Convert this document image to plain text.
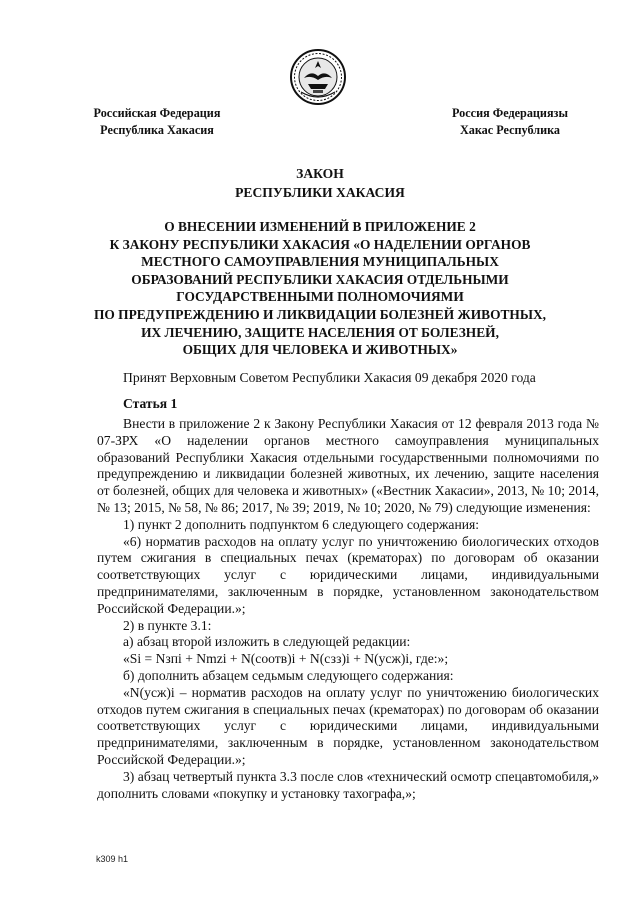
Российская Федерация
Республика Хакасия
Россия Федерациязы
Хакас Республика
ЗАКОН
РЕСПУБЛИКИ ХАКАСИЯ
О ВНЕСЕНИИ ИЗМЕНЕНИЙ В ПРИЛОЖЕНИЕ 2
К ЗАКОНУ РЕСПУБЛИКИ ХАКАСИЯ «О НАДЕЛЕНИИ ОРГАНОВ
МЕСТНОГО САМОУПРАВЛЕНИЯ МУНИЦИПАЛЬНЫХ
ОБРАЗОВАНИЙ РЕСПУБЛИКИ ХАКАСИЯ ОТДЕЛЬНЫМИ
ГОСУДАРСТВЕННЫМИ ПОЛНОМОЧИЯМИ
ПО ПРЕДУПРЕЖДЕНИЮ И ЛИКВИДАЦИИ БОЛЕЗНЕЙ ЖИВОТНЫХ,
ИХ ЛЕЧЕНИЮ, ЗАЩИТЕ НАСЕЛЕНИЯ ОТ БОЛЕЗНЕЙ,
ОБЩИХ ДЛЯ ЧЕЛОВЕКА И ЖИВОТНЫХ»
Принят Верховным Советом Республики Хакасия 09 декабря 2020 года
Статья 1

Внести в приложение 2 к Закону Республики Хакасия от 12 февраля 2013 года № 07-ЗРХ «О наделении органов местного самоуправления муниципальных образований Республики Хакасия отдельными государственными полномочиями по предупреждению и ликвидации болезней животных, их лечению, защите населения от болезней, общих для человека и животных» («Вестник Хакасии», 2013, № 10; 2014, № 13; 2015, № 58, № 86; 2017, № 39; 2019, № 10; 2020, № 79) следующие изменения:

1) пункт 2 дополнить подпунктом 6 следующего содержания:

«6) норматив расходов на оплату услуг по уничтожению биологических отходов путем сжигания в специальных печах (крематорах) по договорам об оказании соответствующих услуг с юридическими лицами, индивидуальными предпринимателями, заключенным в порядке, установленном законодательством Российской Федерации.»;

2) в пункте 3.1:

а) абзац второй изложить в следующей редакции:

«Si = Nзпi + Nmzi + N(соотв)i + N(сзз)i + N(усж)i, где:»;

б) дополнить абзацем седьмым следующего содержания:

«N(усж)i – норматив расходов на оплату услуг по уничтожению биологических отходов путем сжигания в специальных печах (крематорах) по договорам об оказании соответствующих услуг с юридическими лицами, индивидуальными предпринимателями, заключенным в порядке, установленном законодательством Российской Федерации.»;

3) абзац четвертый пункта 3.3 после слов «технический осмотр спецавтомобиля,» дополнить словами «покупку и установку тахографа,»;

k309 h1
